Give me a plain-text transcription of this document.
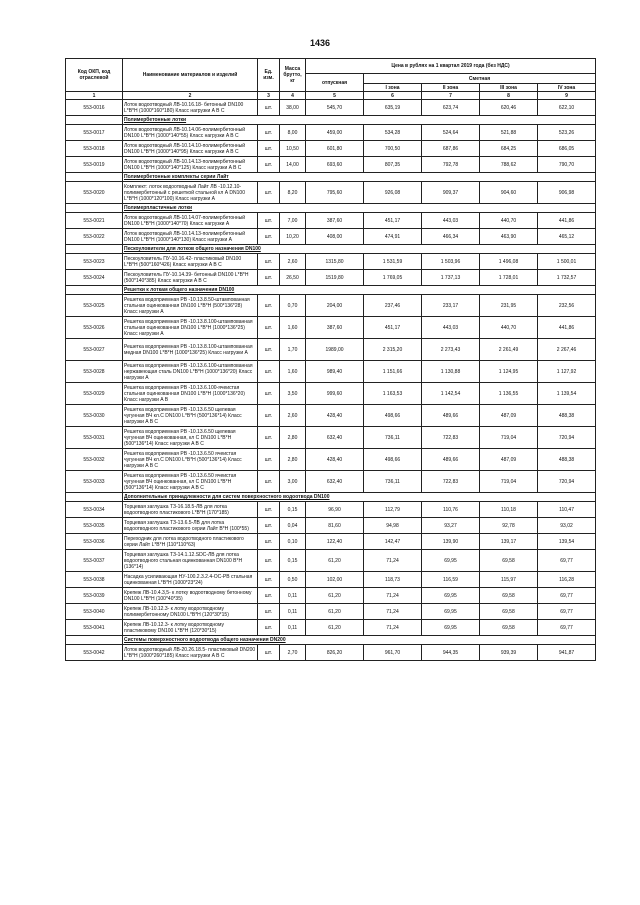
1436
Код ОКП, код отраслевой	Наименование материалов и изделий	Ед. изм.	Масса брутто, кг	Цена в рублях на 1 квартал 2019 года (без НДС)				
				отпускная	Сметная			
					I зона	II зона	III зона	IV зона
1	2	3	4	5	6	7	8	9
553-0016	Лоток водоотводный ЛВ-10.16.18- бетонный DN100 L*B*H (1000*160*180) Класс нагрузки A B C	шт.	38,00	545,70	635,19	623,74	620,46	622,10
	Полимербетонные лотки							
553-0017	Лоток водоотводный ЛВ-10.14.06-полимербетонный DN100 L*B*H (1000*140*55) Класс нагрузки A B C	шт.	8,00	459,00	534,28	524,64	521,88	523,26
553-0018	Лоток водоотводный ЛВ-10.14.10-полимербетонный DN100 L*B*H (1000*140*95) Класс нагрузки A B C	шт.	10,50	601,80	700,50	687,86	684,25	686,05
553-0019	Лоток водоотводный ЛВ-10.14.13-полимербетонный DN100 L*B*H (1000*140*125) Класс нагрузки A B C	шт.	14,00	693,60	807,35	792,78	788,62	790,70
	Полимербетонные комплекты серии Лайт							
553-0020	Комплект: лоток водоотводный Лайт ЛВ -10.12.10-полимербетонный с решеткой стальной кл А DN100 L*B*H (1000*120*100) Класс нагрузки А	шт.	8,20	795,60	926,08	909,37	904,60	906,98
	Полимерпластичные лотки							
553-0021	Лоток водоотводный ЛВ-10.14.07-полимербетонный DN100 L*B*H (1000*140*70) Класс нагрузки A	шт.	7,00	387,60	451,17	443,03	440,70	441,86
553-0022	Лоток водоотводный ЛВ-10.14.13-полимербетонный DN100 L*B*H (1000*140*130) Класс нагрузки A	шт.	10,20	408,00	474,91	466,34	463,90	465,12
	Пескоуловители для лотков общего назначения DN100							
553-0023	Пескоуловитель ПУ-10.16.42- пластиковый DN100 L*B*H (500*160*426) Класс нагрузки A B C	шт.	2,60	1315,80	1 531,59	1 503,96	1 496,08	1 500,01
553-0024	Пескоуловитель ПУ-10.14.39- бетонный DN100 L*B*H (500*140*385) Класс нагрузки A B C	шт.	26,50	1519,80	1 769,05	1 737,13	1 728,01	1 732,57
	Решетки к лоткам общего назначения DN100							
553-0025	Решетка водоприемная PB -10.13.8.50-штампованная стальная оцинкованная DN100 L*B*H (500*136*28) Класс нагрузки A	шт.	0,70	204,00	237,46	233,17	231,95	232,56
553-0026	Решетка водоприемная PB -10.13.8.100-штампованная стальная оцинкованная DN100 L*B*H (1000*136*25) Класс нагрузки A	шт.	1,60	387,60	451,17	443,03	440,70	441,86
553-0027	Решетка водоприемная PB -10.13.8.100-штампованная медная DN100 L*B*H (1000*136*25) Класс нагрузки A	шт.	1,70	1989,00	2 315,20	2 273,43	2 261,49	2 267,46
553-0028	Решетка водоприемная PB -10.13.6.100-штампованная нержавеющая сталь DN100 L*B*H (1000*136*20) Класс нагрузки A	шт.	1,60	989,40	1 151,66	1 130,88	1 124,95	1 127,92
553-0029	Решетка водоприемная PB -10.13.6.100-ячеистая стальная оцинкованная DN100 L*B*H (1000*136*20) Класс нагрузки A B	шт.	3,50	999,60	1 163,53	1 142,54	1 136,55	1 139,54
553-0030	Решетка водоприемная PB -10.13.6.50 щелевая чугунная ВЧ кл.С DN100 L*B*H (500*136*14) Класс нагрузки A B C	шт.	2,60	428,40	498,66	489,66	487,09	488,38
553-0031	Решетка водоприемная PB -10.13.6.50 щелевая чугунная ВЧ оцинкованная, кл С DN100 L*B*H (500*136*14) Класс нагрузки A B C	шт.	2,80	632,40	736,11	722,83	719,04	720,94
553-0032	Решетка водоприемная PB -10.13.6.50 ячеистая чугунная ВЧ кл.С DN100 L*B*H (500*136*14) Класс нагрузки A B C	шт.	2,80	428,40	498,66	489,66	487,09	488,38
553-0033	Решетка водоприемная PB -10.13.6.50 ячеистая чугунная ВЧ оцинкованная, кл С DN100 L*B*H (500*136*14) Класс нагрузки A B C	шт.	3,00	632,40	736,11	722,83	719,04	720,94
	Дополнительные принадлежности для систем поверхностного водоотвода DN100							
553-0034	Торцевая заглушка ТЗ-16.18.5-ЛВ для лотка водоотводного пластикового L*B*H (170*185)	шт.	0,15	96,90	112,79	110,76	110,18	110,47
553-0035	Торцевая заглушка ТЗ-13.6.5-ЛВ для лотка водоотводного пластикового серии Лайт B*H (100*55)	шт.	0,04	81,60	94,98	93,27	92,78	93,02
553-0036	Переходник для лотка водоотводного пластикового серии Лайт L*B*H (110*110*63)	шт.	0,10	122,40	142,47	139,90	139,17	139,54
553-0037	Торцевая заглушка ТЗ-14.1.12.SDC-ЛВ для лотка водоотводного стальная оцинкованная DN100 B*H (136*14)	шт.	0,15	61,20	71,24	69,95	69,58	69,77
553-0038	Насадка усиливающая НУ-100.2.3.2.4-ОС-РВ стальная оцинкованная L*B*H (1000*23*24)	шт.	0,50	102,00	118,73	116,59	115,97	116,28
553-0039	Крепеж ЛВ-10.4.3,5- к лотку водоотводному бетонному DN100 L*B*H (100*40*35)	шт.	0,11	61,20	71,24	69,95	69,58	69,77
553-0040	Крепеж ЛВ-10.12.3- к лотку водоотводному полимербетонному DN100 L*B*H (120*30*15)	шт.	0,11	61,20	71,24	69,95	69,58	69,77
553-0041	Крепеж ЛВ-10.12.3- к лотку водоотводному пластиковому DN100 L*B*H (120*30*15)	шт.	0,11	61,20	71,24	69,95	69,58	69,77
	Системы поверхностного водоотвода общего назначения DN200							
553-0042	Лоток водоотводный ЛВ-20.26.18.5- пластиковый DN200 L*B*H (1000*260*185) Класс нагрузки A B C	шт.	2,70	826,20	961,70	944,35	939,39	941,87
